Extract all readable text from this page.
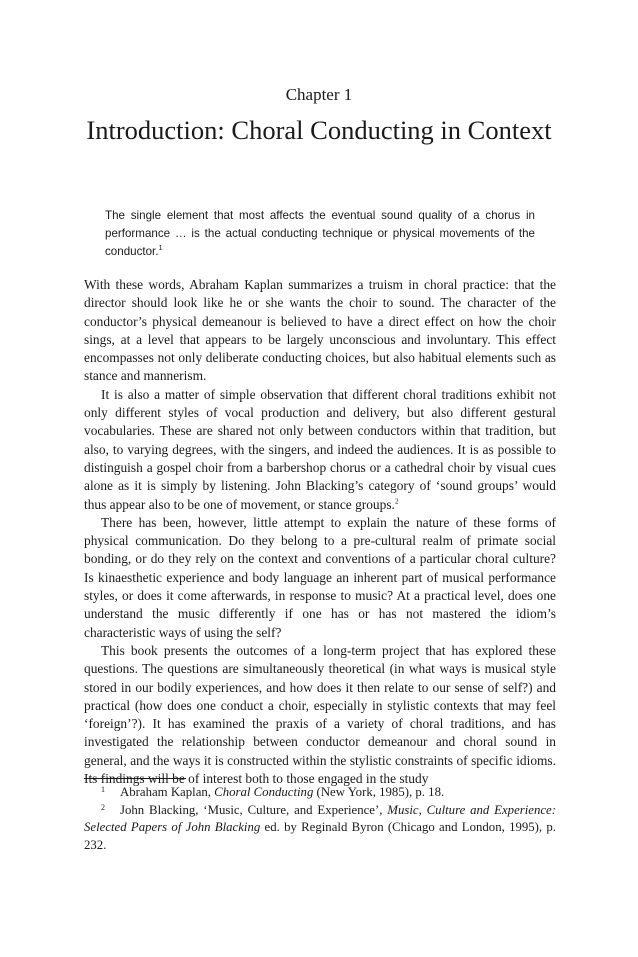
Chapter 1
Introduction: Choral Conducting in Context
The single element that most affects the eventual sound quality of a chorus in performance … is the actual conducting technique or physical movements of the conductor.$^1$

With these words, Abraham Kaplan summarizes a truism in choral practice: that the director should look like he or she wants the choir to sound. The character of the conductor’s physical demeanour is believed to have a direct effect on how the choir sings, at a level that appears to be largely unconscious and involuntary. This effect encompasses not only deliberate conducting choices, but also habitual elements such as stance and mannerism.

It is also a matter of simple observation that different choral traditions exhibit not only different styles of vocal production and delivery, but also different gestural vocabularies. These are shared not only between conductors within that tradition, but also, to varying degrees, with the singers, and indeed the audiences. It is as possible to distinguish a gospel choir from a barbershop chorus or a cathedral choir by visual cues alone as it is simply by listening. John Blacking’s category of ‘sound groups’ would thus appear also to be one of movement, or stance groups.$^2$

There has been, however, little attempt to explain the nature of these forms of physical communication. Do they belong to a pre-cultural realm of primate social bonding, or do they rely on the context and conventions of a particular choral culture? Is kinaesthetic experience and body language an inherent part of musical performance styles, or does it come afterwards, in response to music? At a practical level, does one understand the music differently if one has or has not mastered the idiom’s characteristic ways of using the self?

This book presents the outcomes of a long-term project that has explored these questions. The questions are simultaneously theoretical (in what ways is musical style stored in our bodily experiences, and how does it then relate to our sense of self?) and practical (how does one conduct a choir, especially in stylistic contexts that may feel ‘foreign’?). It has examined the praxis of a variety of choral traditions, and has investigated the relationship between conductor demeanour and choral sound in general, and the ways it is constructed within the stylistic constraints of specific idioms. Its findings will be of interest both to those engaged in the study

1 Abraham Kaplan, Choral Conducting (New York, 1985), p. 18.

2 John Blacking, ‘Music, Culture, and Experience’, Music, Culture and Experience: Selected Papers of John Blacking ed. by Reginald Byron (Chicago and London, 1995), p. 232.
